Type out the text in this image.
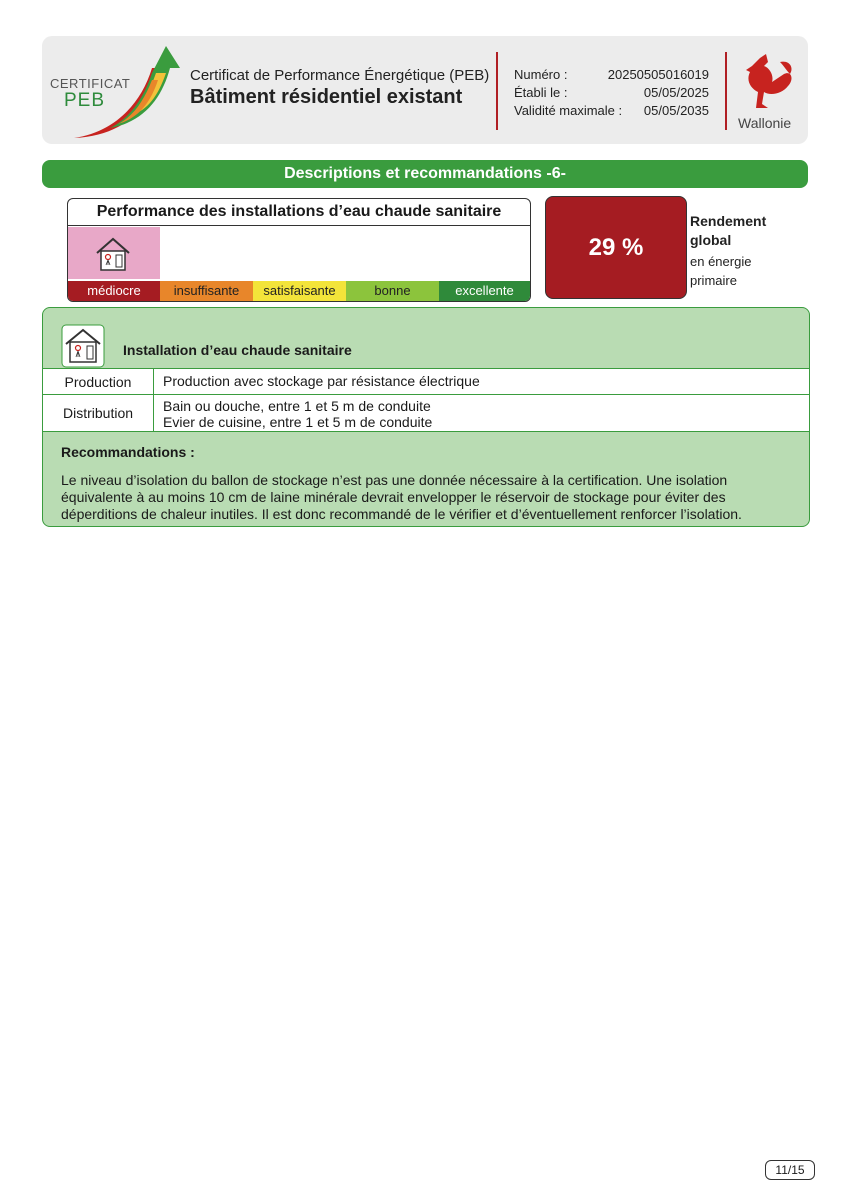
CERTIFICAT
PEB
Certificat de Performance Énergétique (PEB)
Bâtiment résidentiel existant
Numéro :	20250505016019
Établi le :	05/05/2025
Validité maximale : 05/05/2035
Wallonie
Descriptions et recommandations -6-
Performance des installations d’eau chaude sanitaire
médiocre	insuffisante	satisfaisante	bonne	excellente
29 %
Rendement
global
en énergie
primaire
Installation d’eau chaude sanitaire
Production	Production avec stockage par résistance électrique
Distribution	Bain ou douche, entre 1 et 5 m de conduite
Evier de cuisine, entre 1 et 5 m de conduite
Recommandations :
Le niveau d’isolation du ballon de stockage n’est pas une donnée nécessaire à la certification. Une isolation équivalente à au moins 10 cm de laine minérale devrait envelopper le réservoir de stockage pour éviter des déperditions de chaleur inutiles. Il est donc recommandé de le vérifier et d’éventuellement renforcer l’isolation.
11/15
